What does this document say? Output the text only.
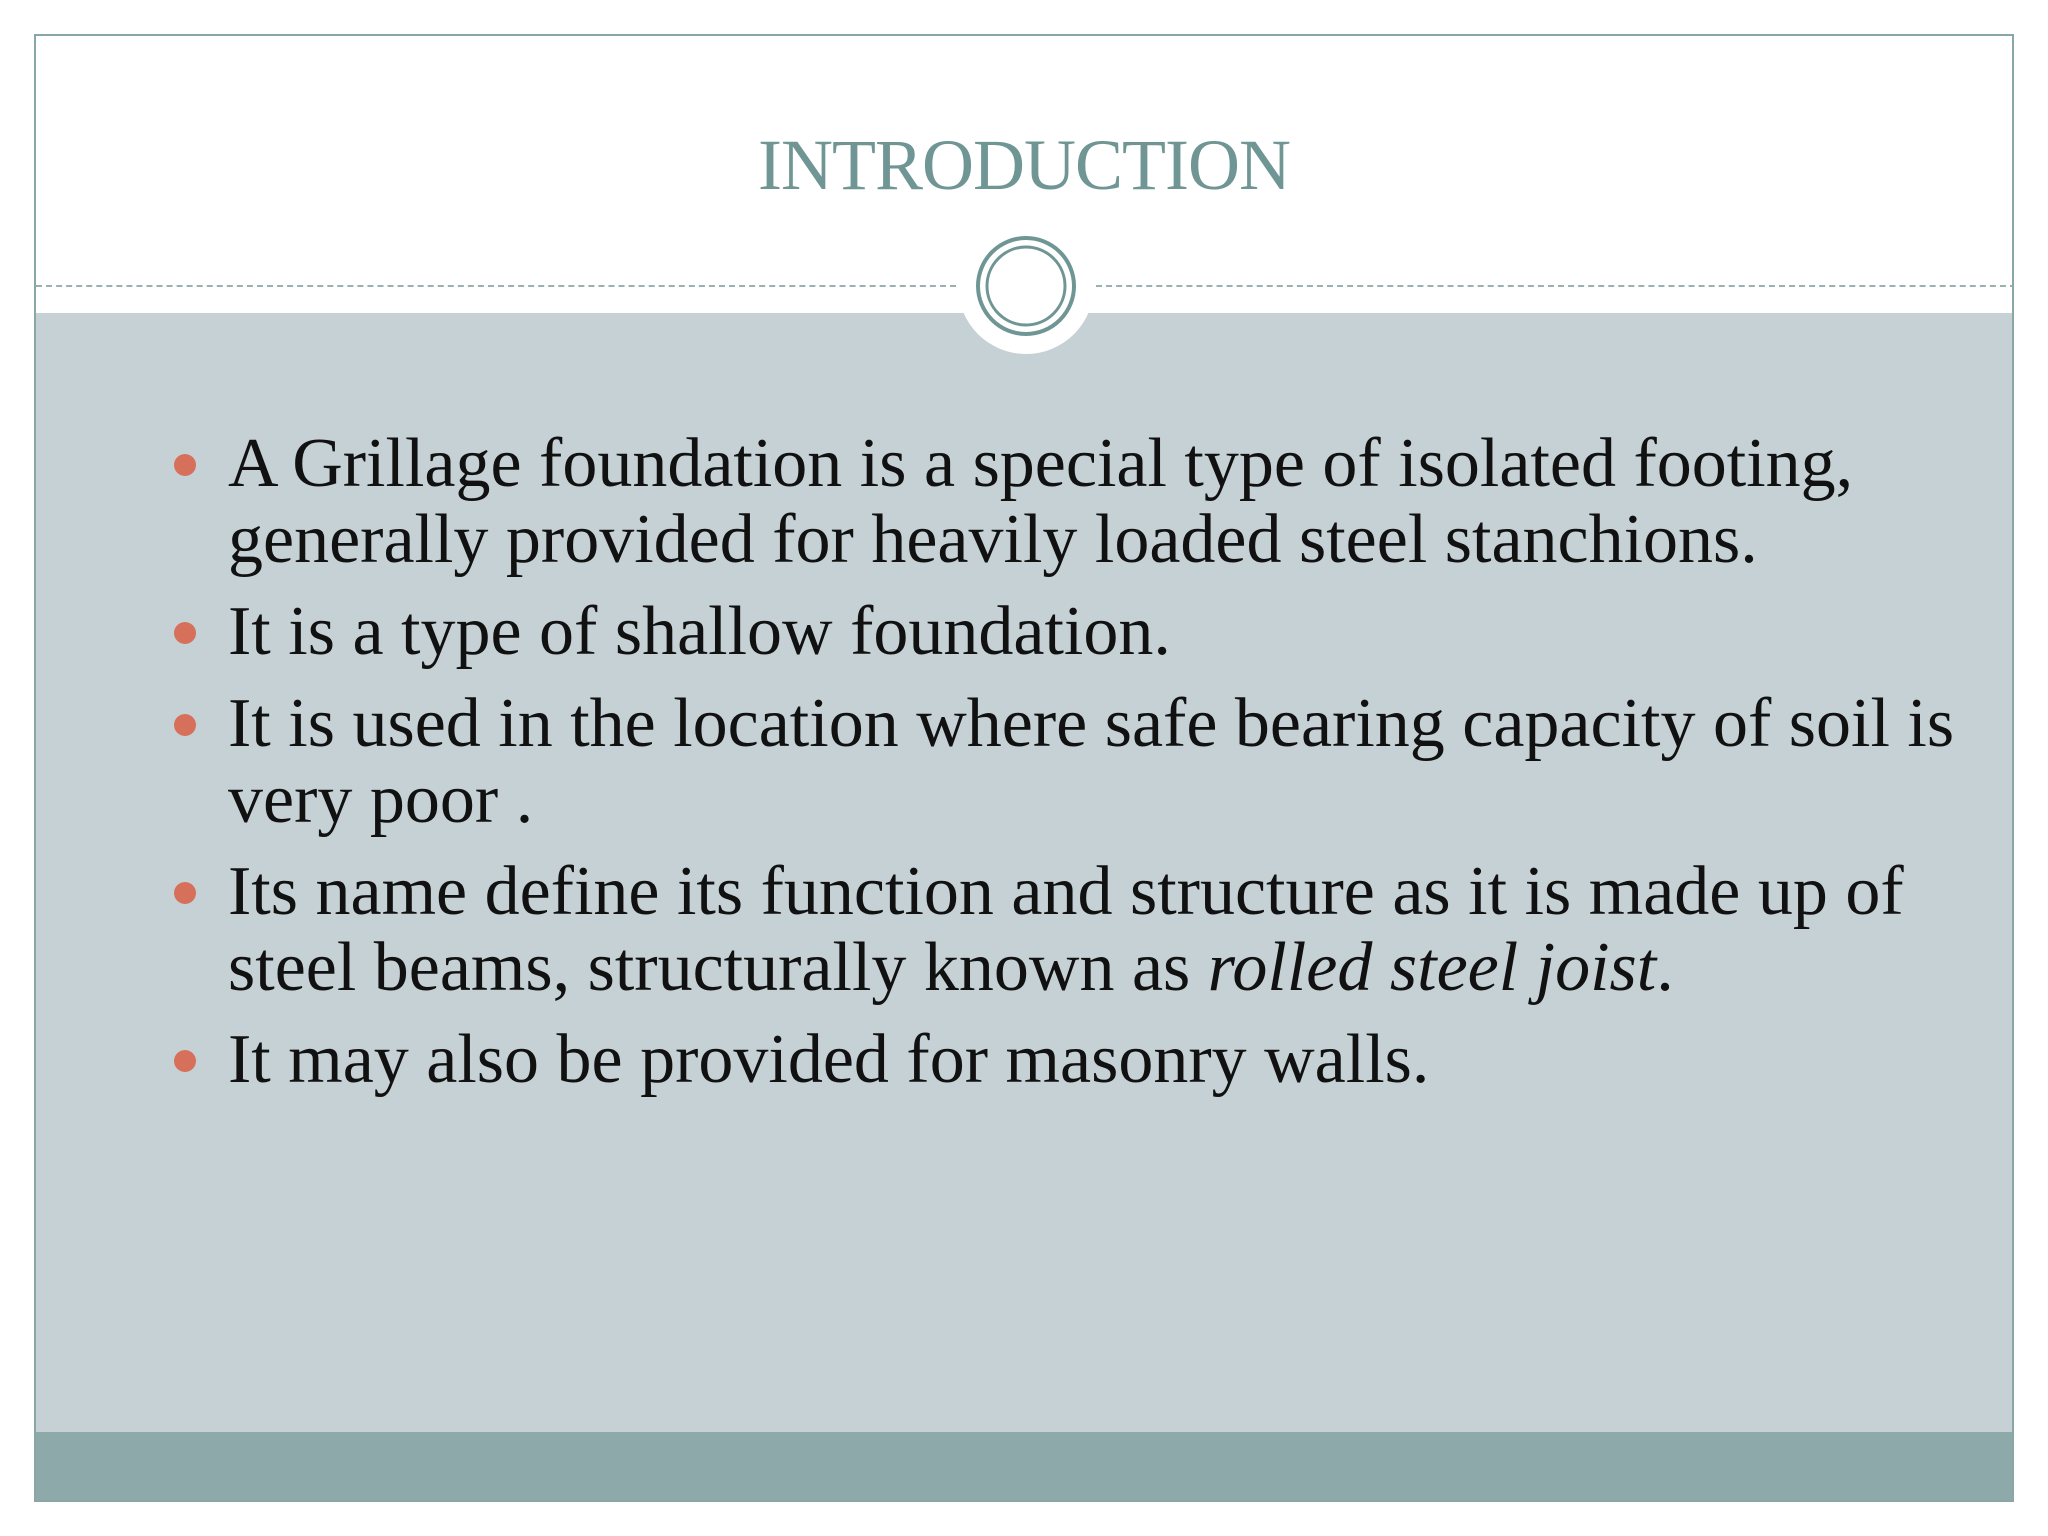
INTRODUCTION
A Grillage foundation is a special type of isolated footing, generally provided for heavily loaded steel stanchions.
It is a type of shallow foundation.
It is used in the location where safe bearing capacity of soil is very poor .
Its name define its function and structure as it is made up of steel beams, structurally known as rolled steel joist.
It may also be provided for masonry walls.
